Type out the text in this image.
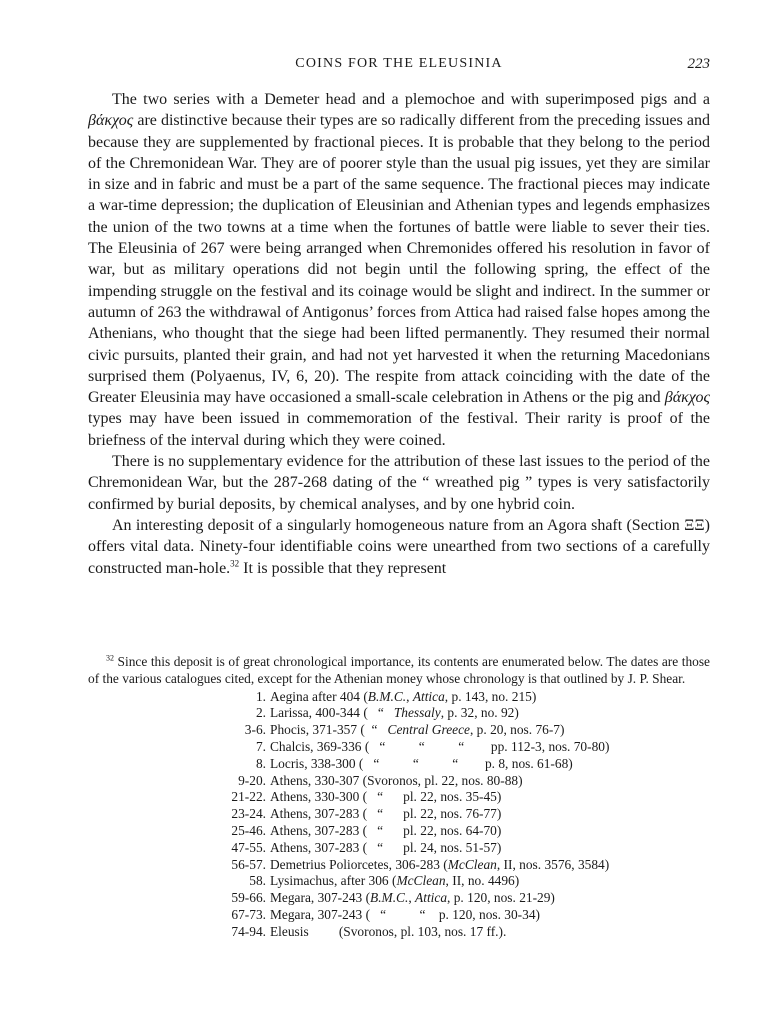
COINS FOR THE ELEUSINIA	223

The two series with a Demeter head and a plemochoe and with superimposed pigs and a βάκχος are distinctive because their types are so radically different from the preceding issues and because they are supplemented by fractional pieces. It is probable that they belong to the period of the Chremonidean War. They are of poorer style than the usual pig issues, yet they are similar in size and in fabric and must be a part of the same sequence. The fractional pieces may indicate a war-time depression; the duplication of Eleusinian and Athenian types and legends emphasizes the union of the two towns at a time when the fortunes of battle were liable to sever their ties. The Eleusinia of 267 were being arranged when Chremonides offered his resolution in favor of war, but as military operations did not begin until the following spring, the effect of the impending struggle on the festival and its coinage would be slight and indirect. In the summer or autumn of 263 the withdrawal of Antigonus’ forces from Attica had raised false hopes among the Athenians, who thought that the siege had been lifted permanently. They resumed their normal civic pursuits, planted their grain, and had not yet harvested it when the returning Macedonians surprised them (Polyaenus, IV, 6, 20). The respite from attack coinciding with the date of the Greater Eleusinia may have occasioned a small-scale celebration in Athens or the pig and βάκχος types may have been issued in commemoration of the festival. Their rarity is proof of the briefness of the interval during which they were coined.

There is no supplementary evidence for the attribution of these last issues to the period of the Chremonidean War, but the 287-268 dating of the “ wreathed pig ” types is very satisfactorily confirmed by burial deposits, by chemical analyses, and by one hybrid coin.

An interesting deposit of a singularly homogeneous nature from an Agora shaft (Section ΞΞ) offers vital data. Ninety-four identifiable coins were unearthed from two sections of a carefully constructed man-hole.$^{32}$ It is possible that they represent

$^{32}$ Since this deposit is of great chronological importance, its contents are enumerated below. The dates are those of the various catalogues cited, except for the Athenian money whose chronology is that outlined by J. P. Shear.

1. Aegina after 404 (B.M.C., Attica, p. 143, no. 215)
2. Larissa, 400-344 (   “   Thessaly, p. 32, no. 92)
3-6. Phocis, 371-357 (  “   Central Greece, p. 20, nos. 76-7)
7. Chalcis, 369-336 (   “          “          “        pp. 112-3, nos. 70-80)
8. Locris, 338-300 (   “          “          “        p. 8, nos. 61-68)
9-20. Athens, 330-307 (Svoronos, pl. 22, nos. 80-88)
21-22. Athens, 330-300 (   “      pl. 22, nos. 35-45)
23-24. Athens, 307-283 (   “      pl. 22, nos. 76-77)
25-46. Athens, 307-283 (   “      pl. 22, nos. 64-70)
47-55. Athens, 307-283 (   “      pl. 24, nos. 51-57)
56-57. Demetrius Poliorcetes, 306-283 (McClean, II, nos. 3576, 3584)
58. Lysimachus, after 306 (McClean, II, no. 4496)
59-66. Megara, 307-243 (B.M.C., Attica, p. 120, nos. 21-29)
67-73. Megara, 307-243 (   “          “    p. 120, nos. 30-34)
74-94. Eleusis         (Svoronos, pl. 103, nos. 17 ff.).
